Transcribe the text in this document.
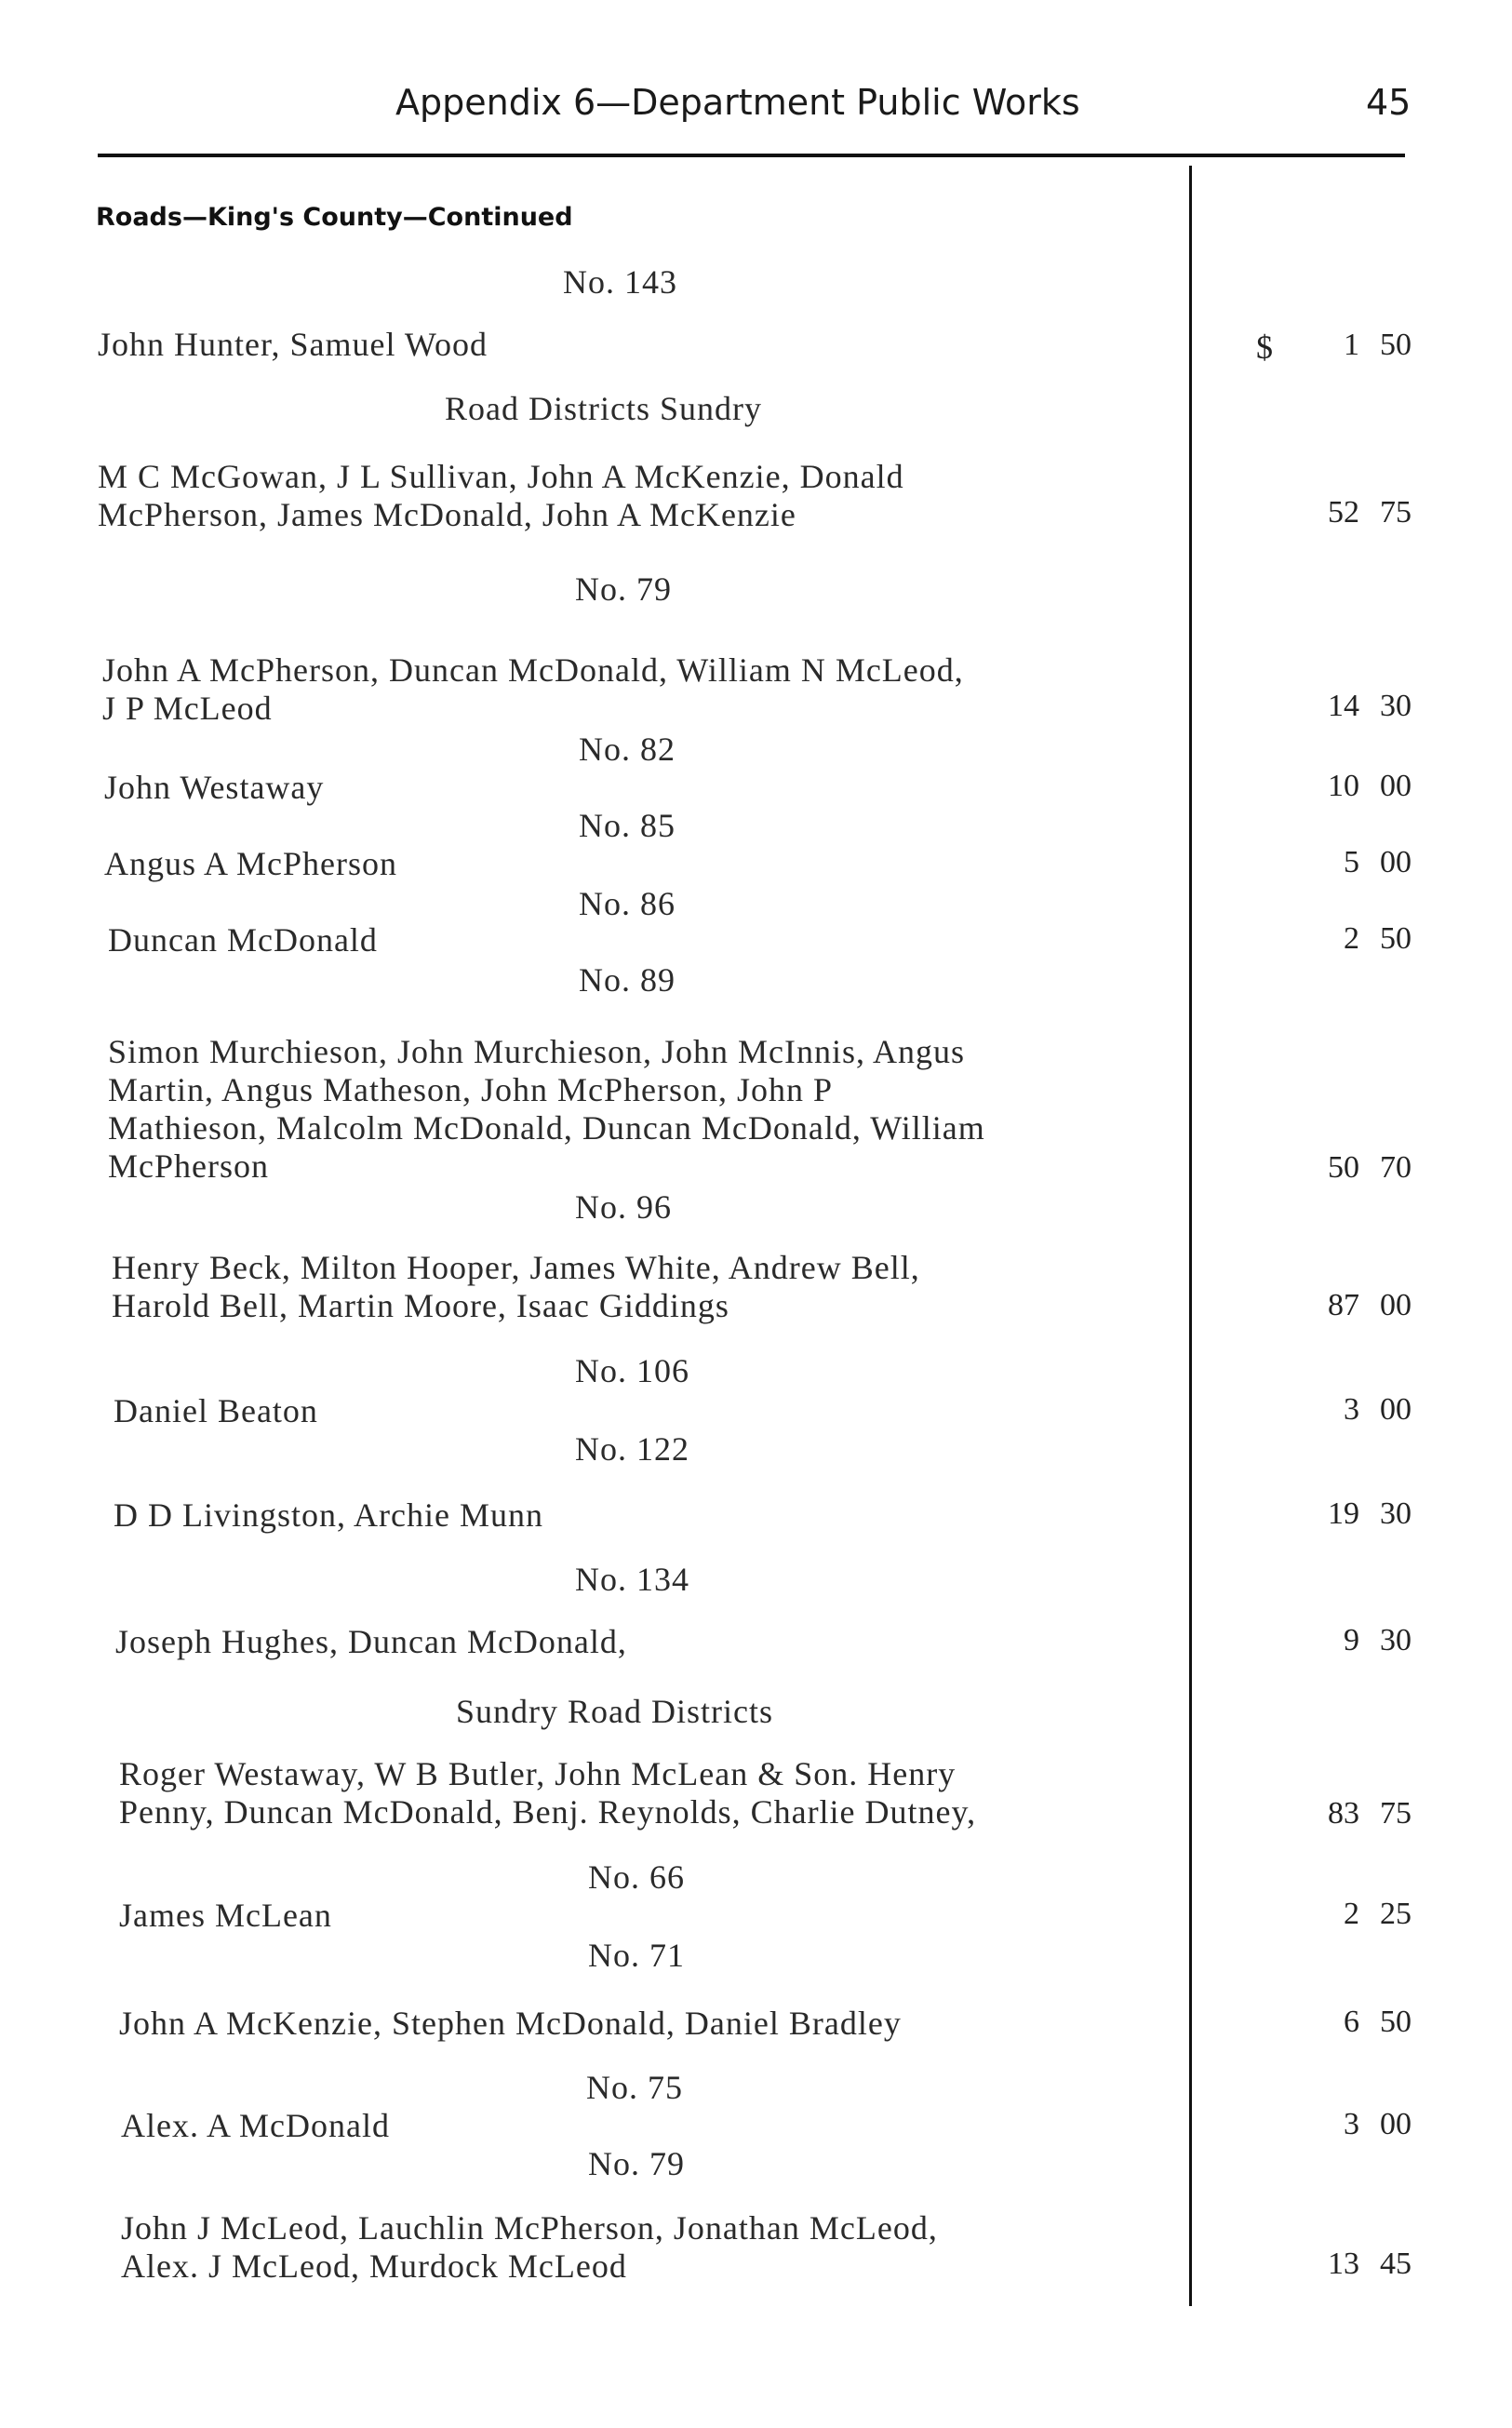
Appendix 6—Department Public Works	45
Roads—King's County—Continued
$
No. 143
John Hunter, Samuel Wood	1 50
Road Districts Sundry
M C McGowan, J L Sullivan, John A McKenzie, Donald
McPherson, James McDonald, John A McKenzie	52 75
No. 79
John A McPherson, Duncan McDonald, William N McLeod,
J P McLeod	14 30
No. 82
John Westaway	10 00
No. 85
Angus A McPherson	5 00
No. 86
Duncan McDonald	2 50
No. 89
Simon Murchieson, John Murchieson, John McInnis, Angus
Martin, Angus Matheson, John McPherson, John P
Mathieson, Malcolm McDonald, Duncan McDonald, William
McPherson	50 70
No. 96
Henry Beck, Milton Hooper, James White, Andrew Bell,
Harold Bell, Martin Moore, Isaac Giddings	87 00
No. 106
Daniel Beaton	3 00
No. 122
D D Livingston, Archie Munn	19 30
No. 134
Joseph Hughes, Duncan McDonald,	9 30
Sundry Road Districts
Roger Westaway, W B Butler, John McLean & Son. Henry
Penny, Duncan McDonald, Benj. Reynolds, Charlie Dutney,	83 75
No. 66
James McLean	2 25
No. 71
John A McKenzie, Stephen McDonald, Daniel Bradley	6 50
No. 75
Alex. A McDonald	3 00
No. 79
John J McLeod, Lauchlin McPherson, Jonathan McLeod,
Alex. J McLeod, Murdock McLeod	13 45
